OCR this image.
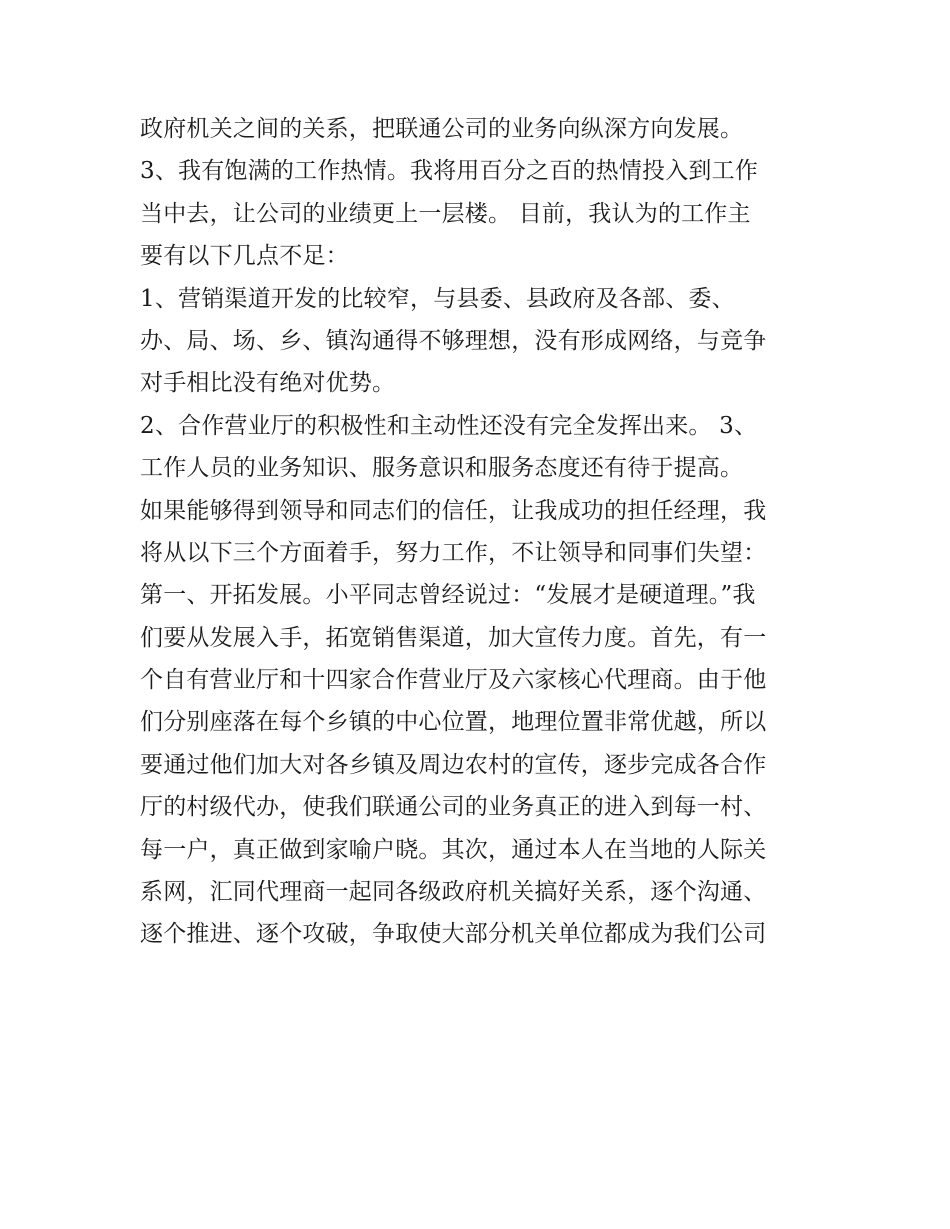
政府机关之间的关系，把联通公司的业务向纵深方向发展。
3、我有饱满的工作热情。我将用百分之百的热情投入到工作
当中去，让公司的业绩更上一层楼。 目前，我认为的工作主
要有以下几点不足：
1、营销渠道开发的比较窄，与县委、县政府及各部、委、
办、局、场、乡、镇沟通得不够理想，没有形成网络，与竞争
对手相比没有绝对优势。
2、合作营业厅的积极性和主动性还没有完全发挥出来。 3、
工作人员的业务知识、服务意识和服务态度还有待于提高。
如果能够得到领导和同志们的信任，让我成功的担任经理，我
将从以下三个方面着手，努力工作，不让领导和同事们失望：
第一、开拓发展。小平同志曾经说过：“发展才是硬道理。”我
们要从发展入手，拓宽销售渠道，加大宣传力度。首先，有一
个自有营业厅和十四家合作营业厅及六家核心代理商。由于他
们分别座落在每个乡镇的中心位置，地理位置非常优越，所以
要通过他们加大对各乡镇及周边农村的宣传，逐步完成各合作
厅的村级代办，使我们联通公司的业务真正的进入到每一村、
每一户，真正做到家喻户晓。其次，通过本人在当地的人际关
系网，汇同代理商一起同各级政府机关搞好关系，逐个沟通、
逐个推进、逐个攻破，争取使大部分机关单位都成为我们公司
